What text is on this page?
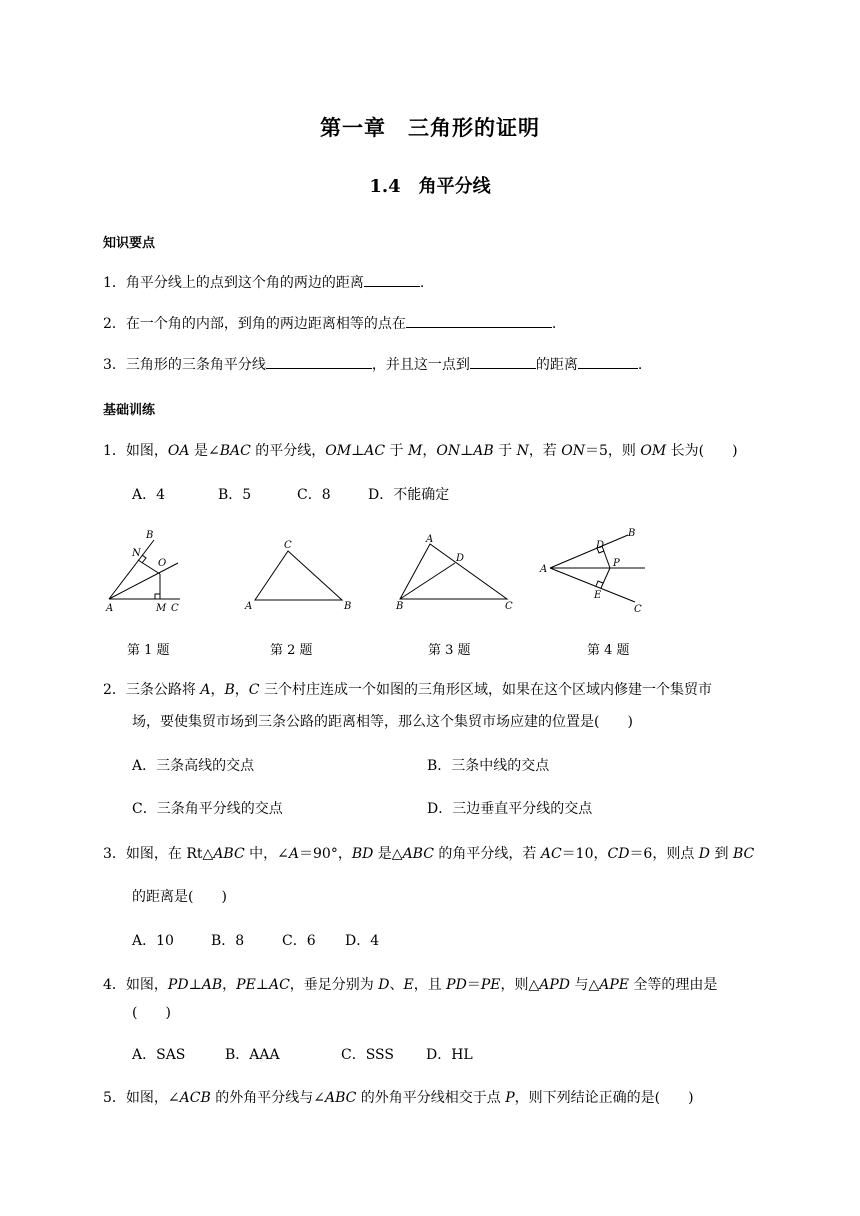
第一章　三角形的证明
1.4　角平分线
知识要点
1．角平分线上的点到这个角的两边的距离	.
2．在一个角的内部，到角的两边距离相等的点在	.
3．三角形的三条角平分线	，并且这一点到	的距离	.
基础训练
1．如图，OA 是∠BAC 的平分线，OM⊥AC 于 M，ON⊥AB 于 N，若 ON＝5，则 OM 长为(　　)
A．4	B．5	C．8	D．不能确定
B
N
O
A	M C
C
A	B
A
D
B	C
B
D
A
P
E
C
第 1 题	第 2 题	第 3 题	第 4 题
2．三条公路将 A，B，C 三个村庄连成一个如图的三角形区域，如果在这个区域内修建一个集贸市
场，要使集贸市场到三条公路的距离相等，那么这个集贸市场应建的位置是(　　)
A．三条高线的交点	B．三条中线的交点
C．三条角平分线的交点	D．三边垂直平分线的交点
3．如图，在 Rt△ABC 中，∠A＝90°，BD 是△ABC 的角平分线，若 AC＝10，CD＝6，则点 D 到 BC
的距离是(　　)
A．10	B．8	C．6 D．4
4．如图，PD⊥AB，PE⊥AC，垂足分别为 D、E，且 PD＝PE，则△APD 与△APE 全等的理由是
(　　)
A．SAS	B．AAA	C．SSS D．HL
5．如图，∠ACB 的外角平分线与∠ABC 的外角平分线相交于点 P，则下列结论正确的是(　　)
